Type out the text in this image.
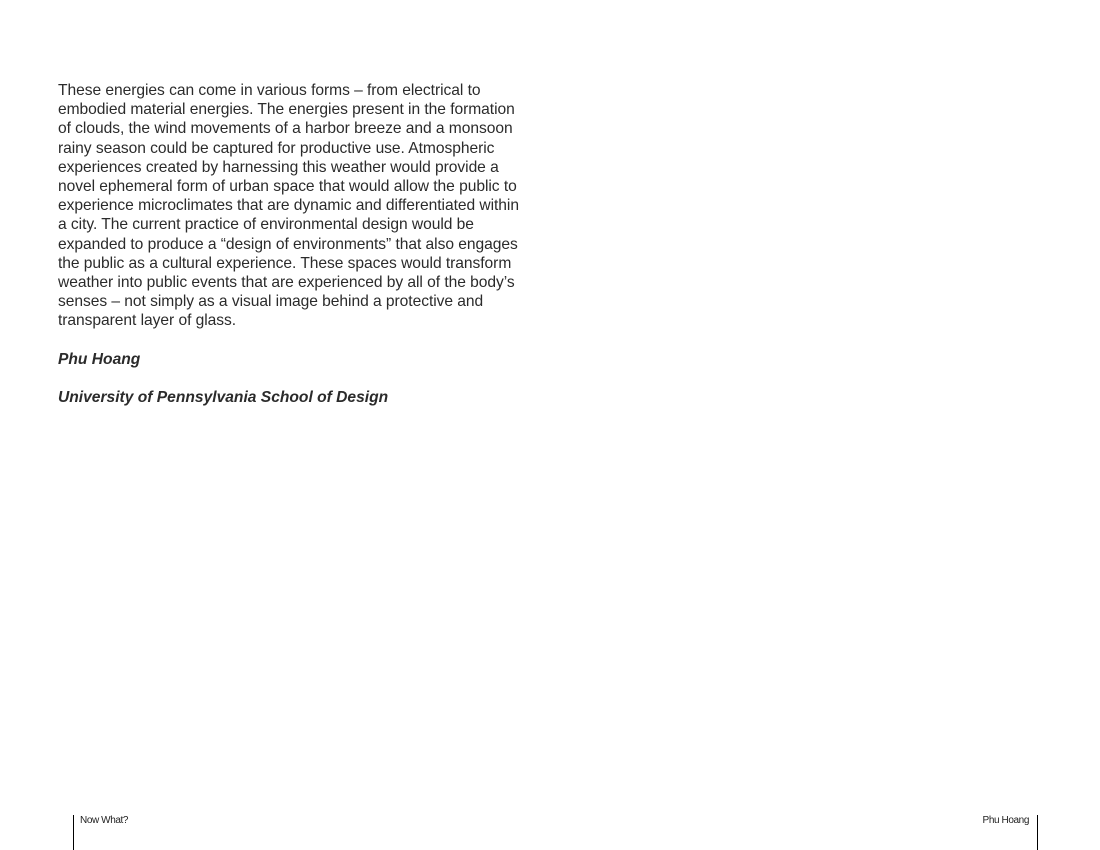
These energies can come in various forms – from electrical to embodied material energies. The energies present in the formation of clouds, the wind movements of a harbor breeze and a monsoon rainy season could be captured for productive use. Atmospheric experiences created by harnessing this weather would provide a novel ephemeral form of urban space that would allow the public to experience microclimates that are dynamic and differentiated within a city. The current practice of environmental design would be expanded to produce a “design of environments” that also engages the public as a cultural experience. These spaces would transform weather into public events that are experienced by all of the body’s senses – not simply as a visual image behind a protective and transparent layer of glass.

Phu Hoang

University of Pennsylvania School of Design

Now What?	Phu Hoang
